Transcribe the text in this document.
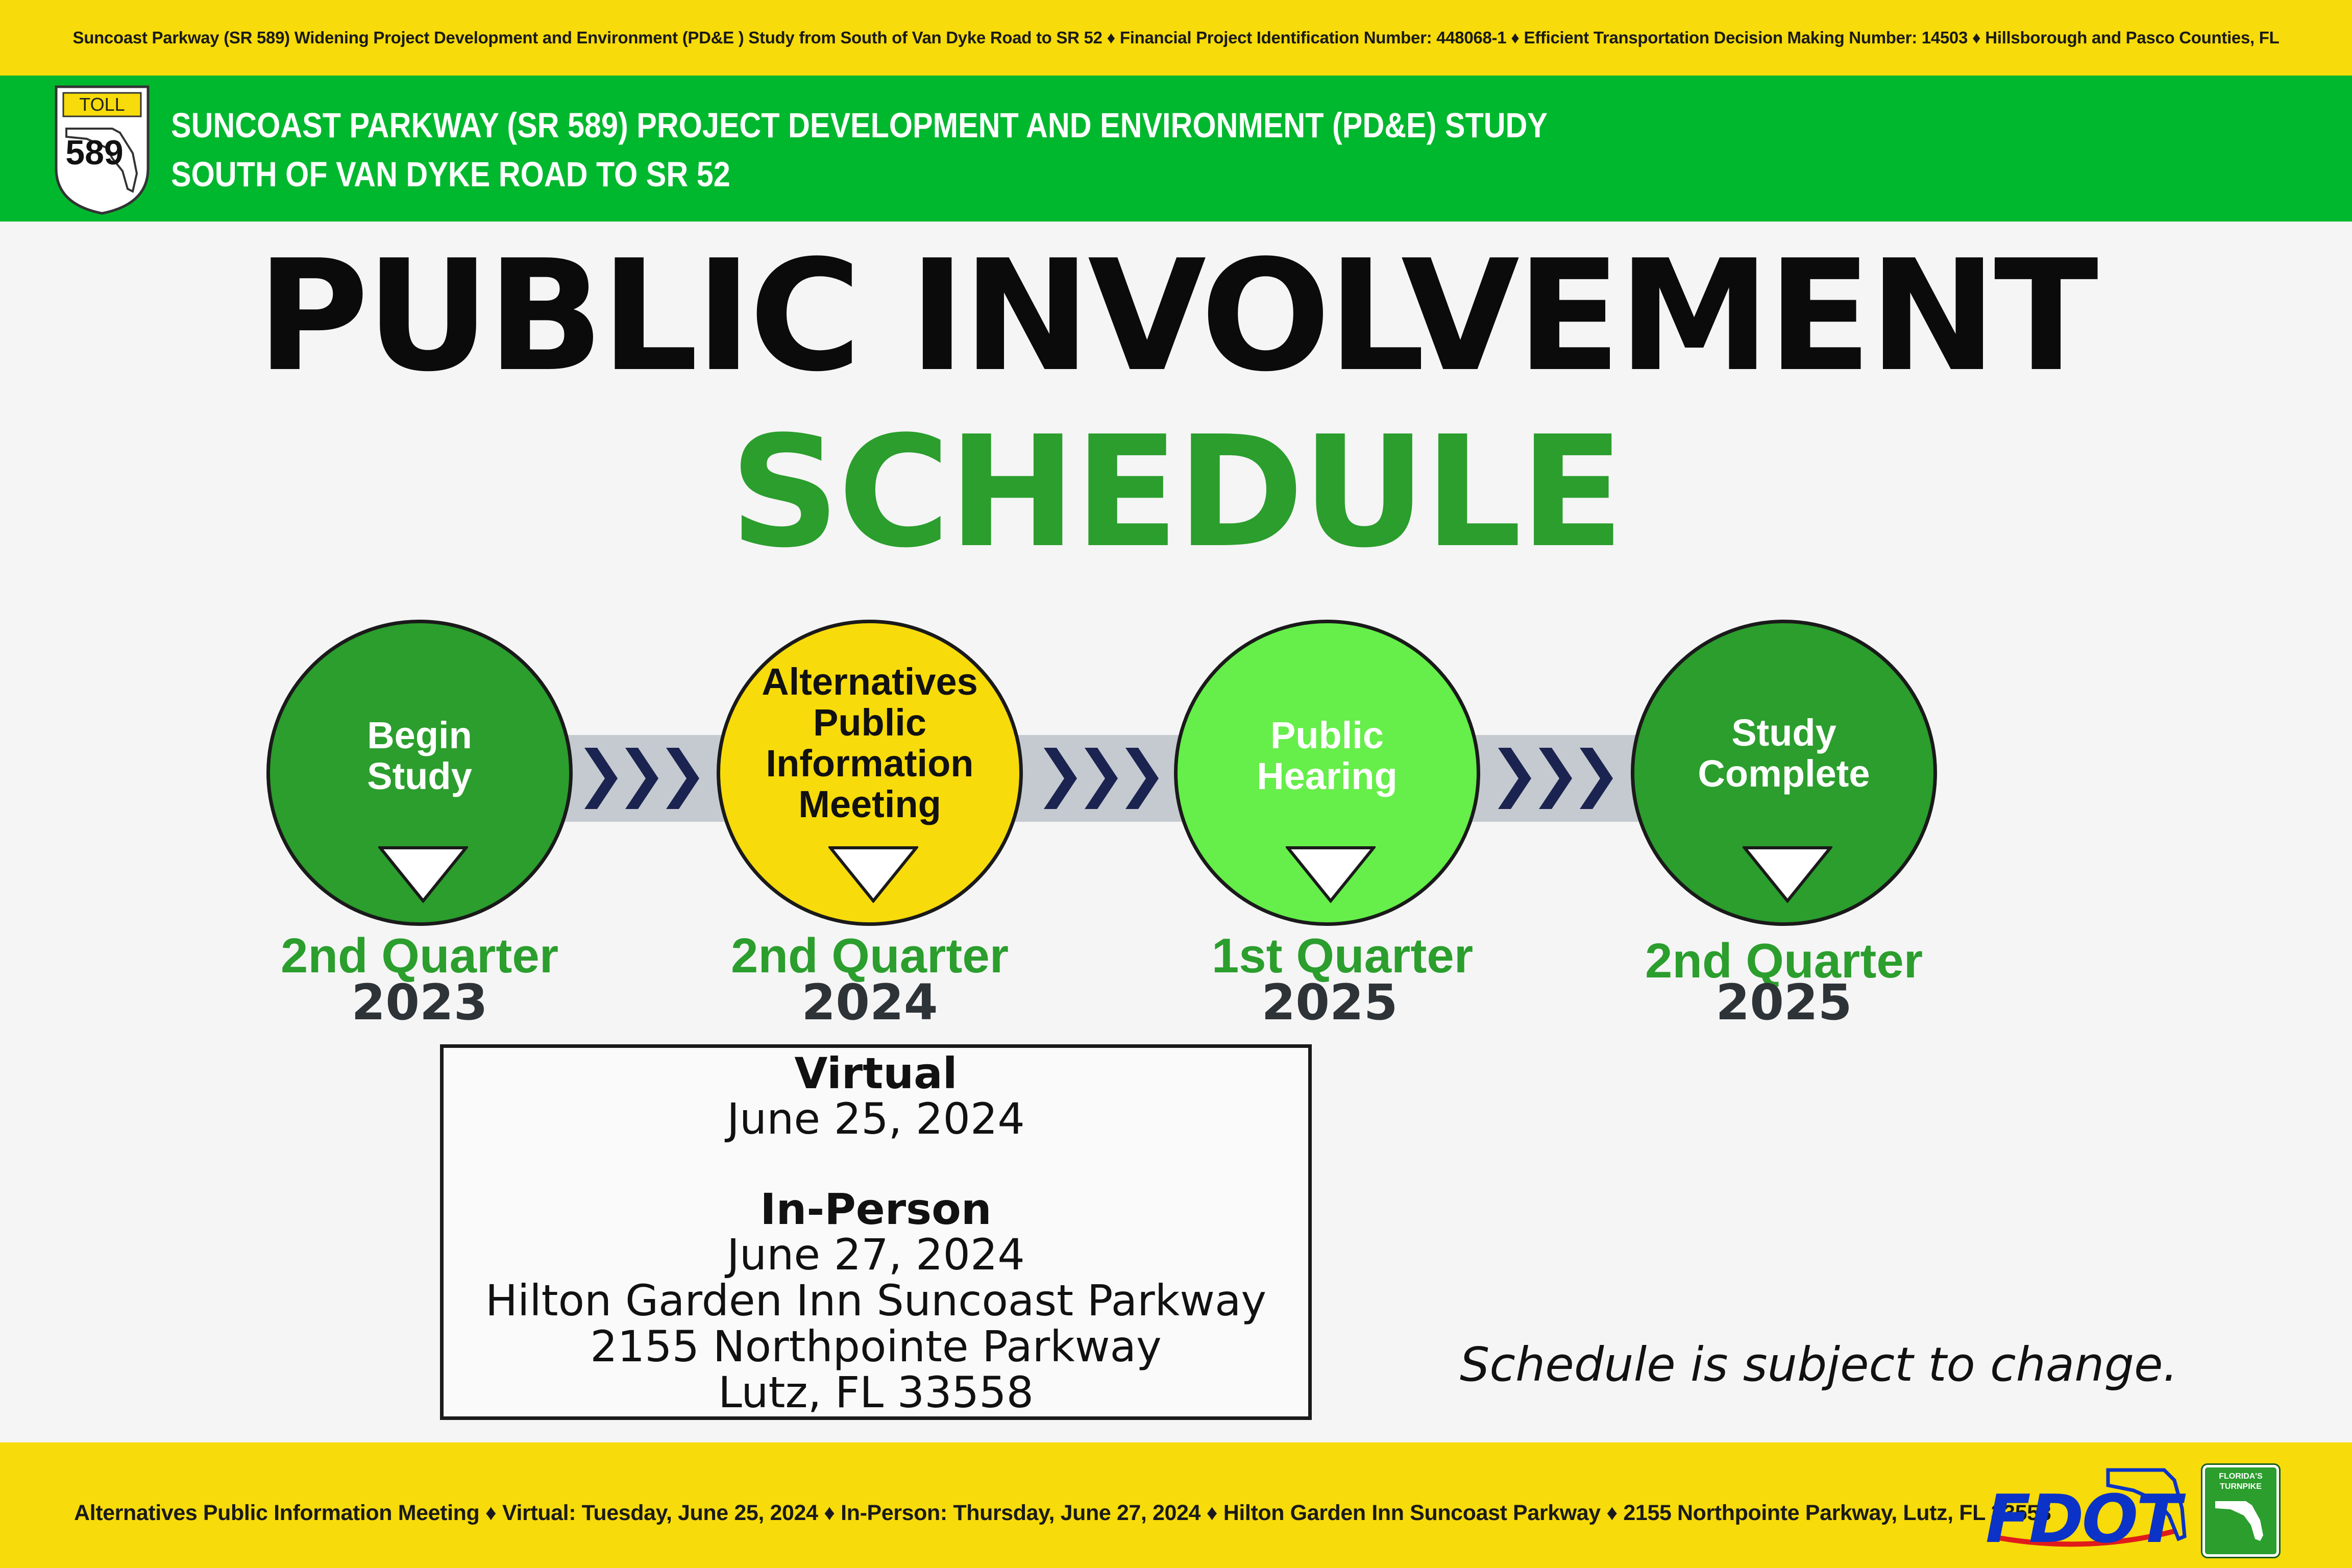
Suncoast Parkway (SR 589) Widening Project Development and Environment (PD&E ) Study from South of Van Dyke Road to SR 52 ♦ Financial Project Identification Number: 448068-1 ♦ Efficient Transportation Decision Making Number: 14503 ♦ Hillsborough and Pasco Counties, FL
TOLL
589
SUNCOAST PARKWAY (SR 589) PROJECT DEVELOPMENT AND ENVIRONMENT (PD&E) STUDY
SOUTH OF VAN DYKE ROAD TO SR 52
PUBLIC INVOLVEMENT
SCHEDULE
Begin
Study
2nd Quarter
2023
Alternatives
Public
Information
Meeting
2nd Quarter
2024
Public
Hearing
1st Quarter
2025
Study
Complete
2nd Quarter
2025
Virtual
June 25, 2024
In-Person
June 27, 2024
Hilton Garden Inn Suncoast Parkway
2155 Northpointe Parkway
Lutz, FL 33558
Schedule is subject to change.
Alternatives Public Information Meeting ♦ Virtual: Tuesday, June 25, 2024 ♦ In-Person: Thursday, June 27, 2024 ♦ Hilton Garden Inn Suncoast Parkway ♦ 2155 Northpointe Parkway, Lutz, FL 33558
FDOT
FLORIDA'S
TURNPIKE
